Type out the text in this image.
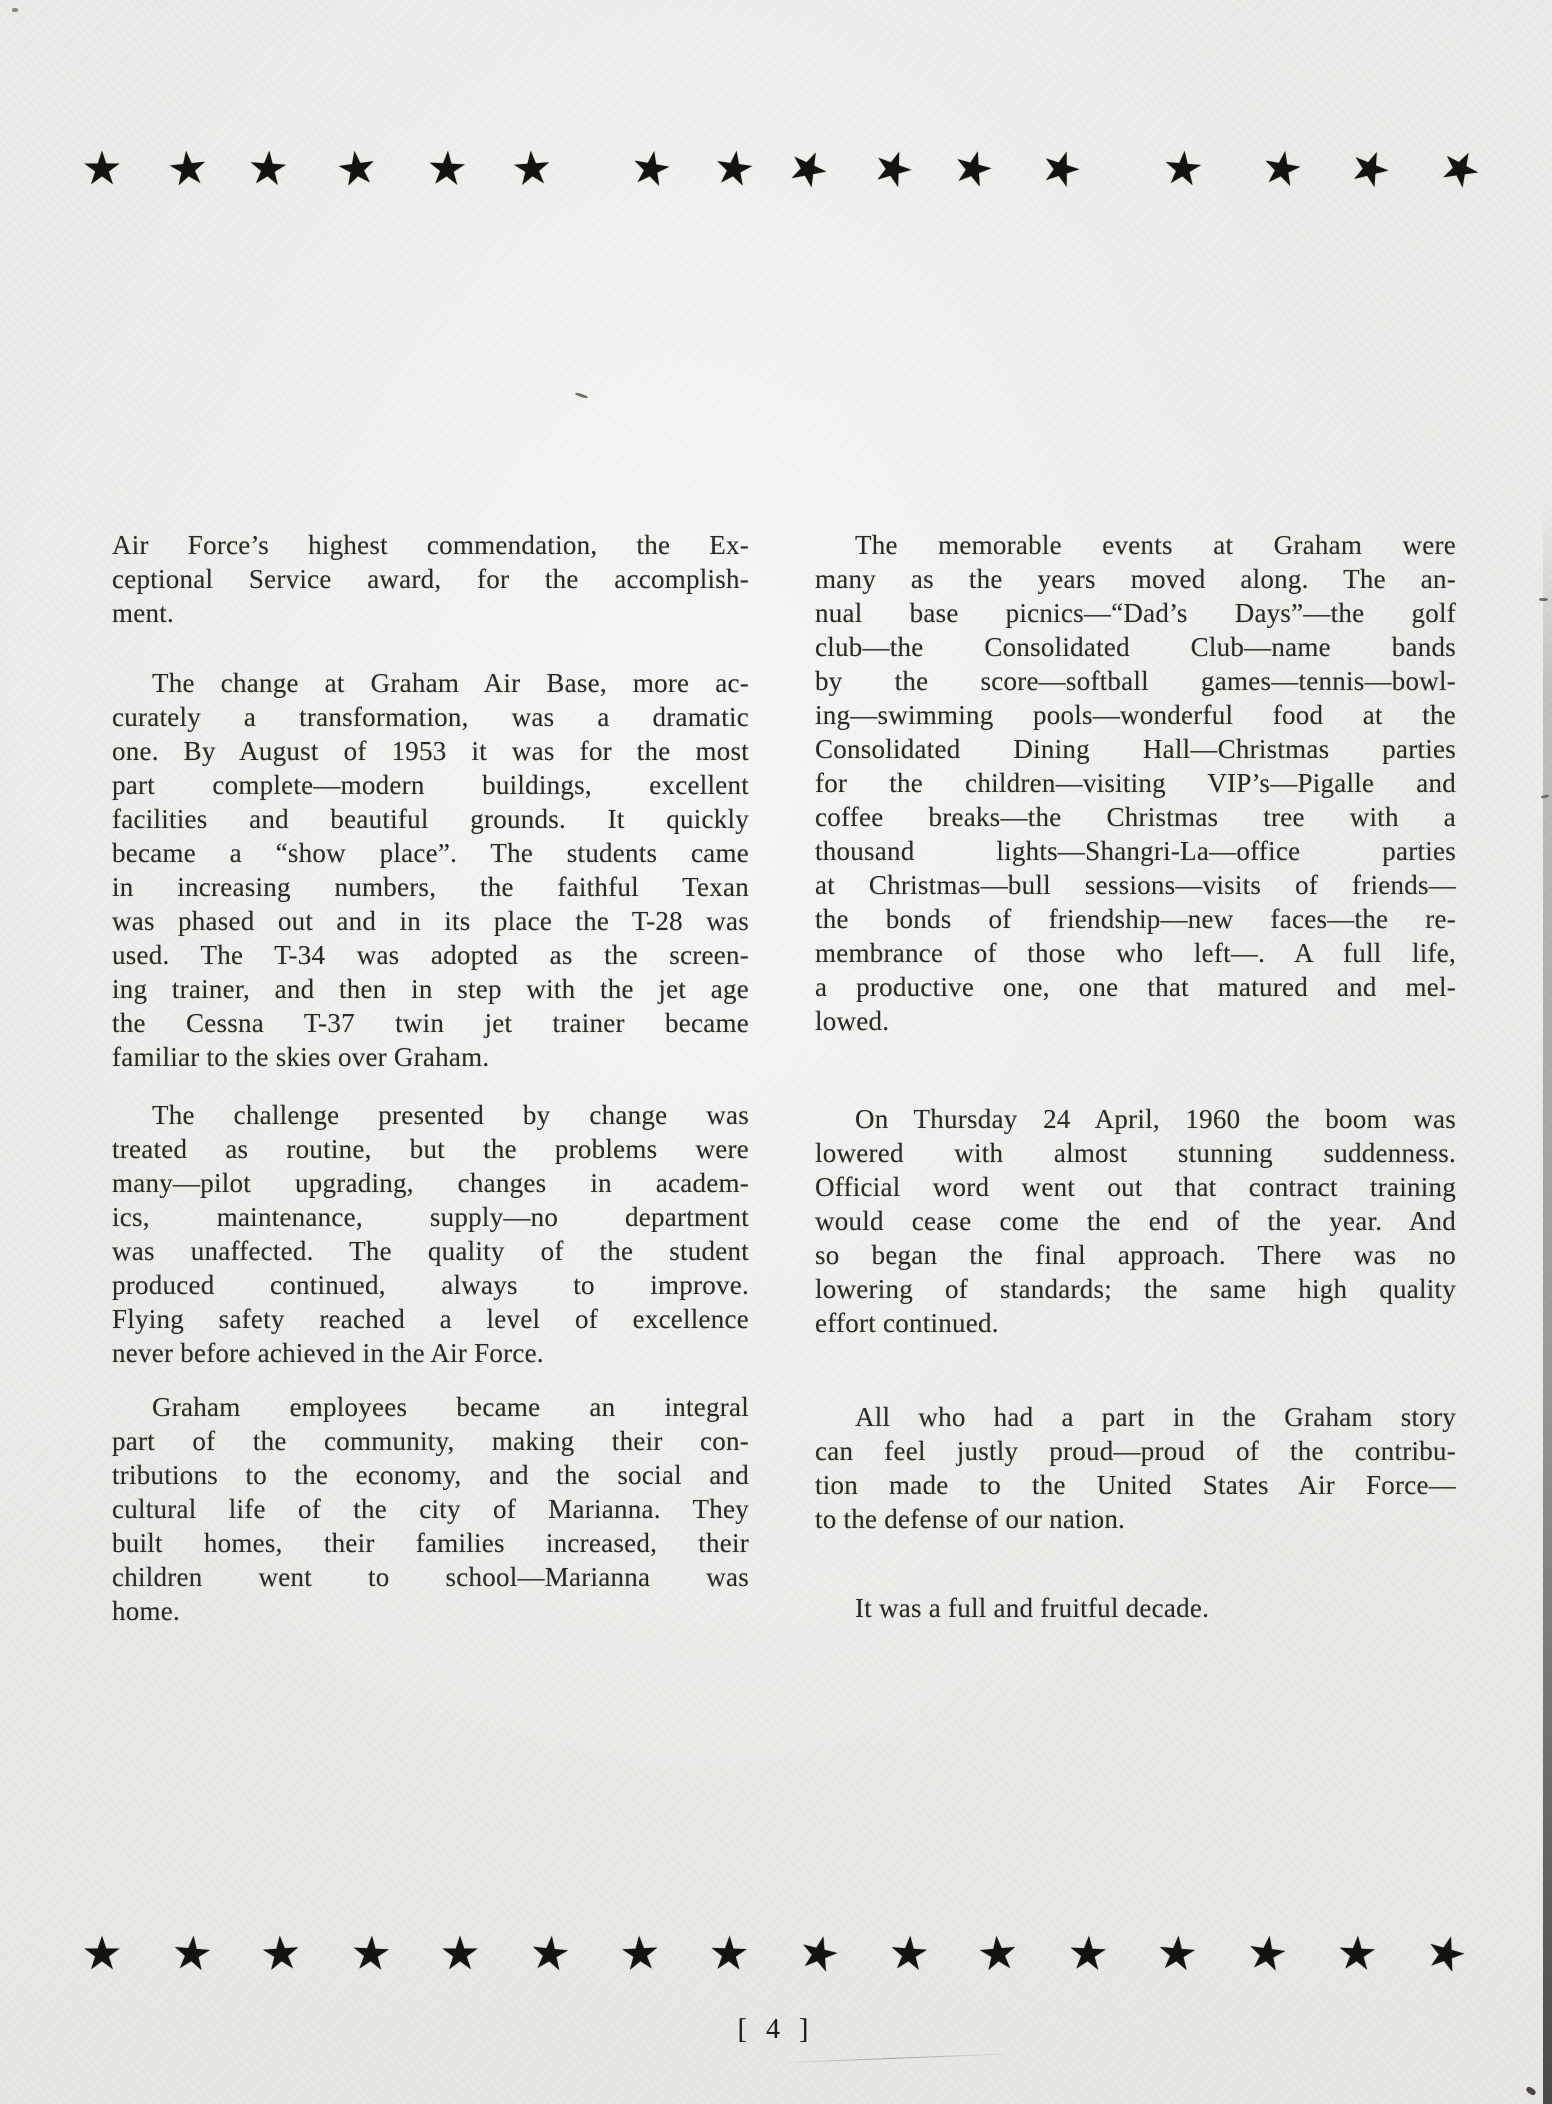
★ ★ ★ ★ ★ ★ ★ ★ ★ ★ ★ ★ ★ ★ ★ ★
Air Force’s highest commendation, the Ex-
ceptional Service award, for the accomplish-
ment.
The change at Graham Air Base, more ac-
curately a transformation, was a dramatic
one. By August of 1953 it was for the most
part complete—modern buildings, excellent
facilities and beautiful grounds. It quickly
became a “show place”. The students came
in increasing numbers, the faithful Texan
was phased out and in its place the T-28 was
used. The T-34 was adopted as the screen-
ing trainer, and then in step with the jet age
the Cessna T-37 twin jet trainer became
familiar to the skies over Graham.
The challenge presented by change was
treated as routine, but the problems were
many—pilot upgrading, changes in academ-
ics, maintenance, supply—no department
was unaffected. The quality of the student
produced continued, always to improve.
Flying safety reached a level of excellence
never before achieved in the Air Force.
Graham employees became an integral
part of the community, making their con-
tributions to the economy, and the social and
cultural life of the city of Marianna. They
built homes, their families increased, their
children went to school—Marianna was
home.
The memorable events at Graham were
many as the years moved along. The an-
nual base picnics—“Dad’s Days”—the golf
club—the Consolidated Club—name bands
by the score—softball games—tennis—bowl-
ing—swimming pools—wonderful food at the
Consolidated Dining Hall—Christmas parties
for the children—visiting VIP’s—Pigalle and
coffee breaks—the Christmas tree with a
thousand lights—Shangri-La—office parties
at Christmas—bull sessions—visits of friends—
the bonds of friendship—new faces—the re-
membrance of those who left—. A full life,
a productive one, one that matured and mel-
lowed.
On Thursday 24 April, 1960 the boom was
lowered with almost stunning suddenness.
Official word went out that contract training
would cease come the end of the year. And
so began the final approach. There was no
lowering of standards; the same high quality
effort continued.
All who had a part in the Graham story
can feel justly proud—proud of the contribu-
tion made to the United States Air Force—
to the defense of our nation.
It was a full and fruitful decade.
★ ★ ★ ★ ★ ★ ★ ★ ★ ★ ★ ★ ★ ★ ★ ★
[ 4 ]
